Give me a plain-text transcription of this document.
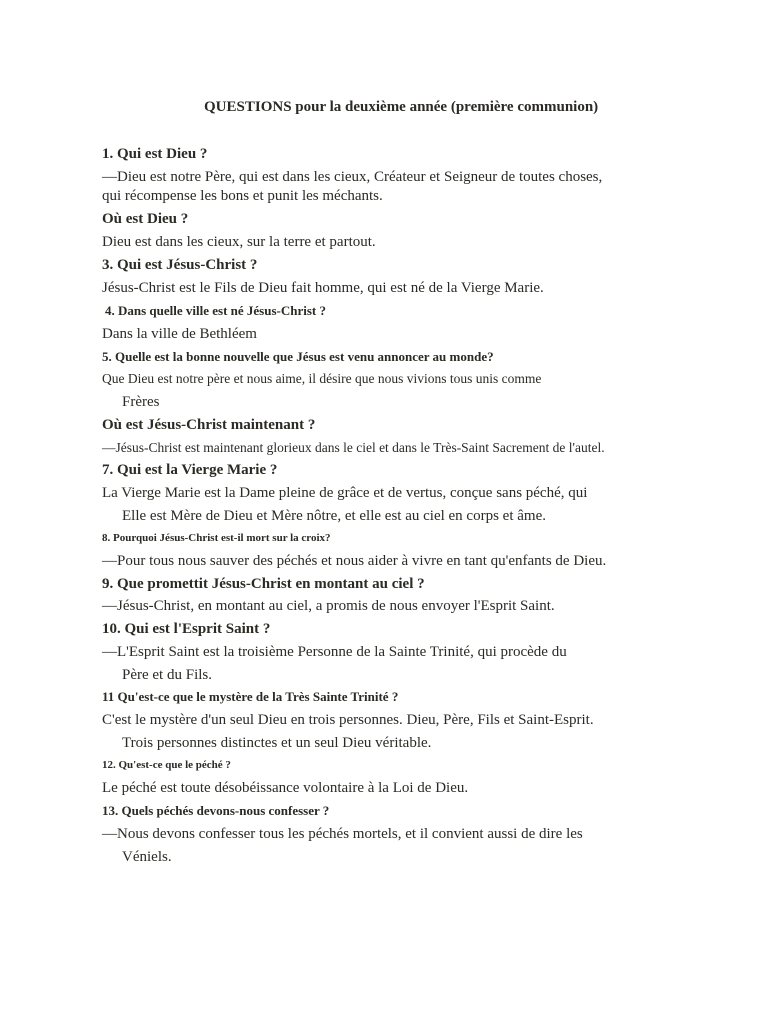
QUESTIONS pour la deuxième année (première communion)
1. Qui est Dieu ?
—Dieu est notre Père, qui est dans les cieux, Créateur et Seigneur de toutes choses,
qui récompense les bons et punit les méchants.
Où est Dieu ?
Dieu est dans les cieux, sur la terre et partout.
3. Qui est Jésus-Christ ?
Jésus-Christ est le Fils de Dieu fait homme, qui est né de la Vierge Marie.
4. Dans quelle ville est né Jésus-Christ ?
Dans la ville de Bethléem
5. Quelle est la bonne nouvelle que Jésus est venu annoncer au monde?
Que Dieu est notre père et nous aime, il désire que nous vivions tous unis comme
Frères
Où est Jésus-Christ maintenant ?
—Jésus-Christ est maintenant glorieux dans le ciel et dans le Très-Saint Sacrement de l'autel.
7. Qui est la Vierge Marie ?
La Vierge Marie est la Dame pleine de grâce et de vertus, conçue sans péché, qui
Elle est Mère de Dieu et Mère nôtre, et elle est au ciel en corps et âme.
8. Pourquoi Jésus-Christ est-il mort sur la croix?
—Pour tous nous sauver des péchés et nous aider à vivre en tant qu'enfants de Dieu.
9. Que promettit Jésus-Christ en montant au ciel ?
—Jésus-Christ, en montant au ciel, a promis de nous envoyer l'Esprit Saint.
10. Qui est l'Esprit Saint ?
—L'Esprit Saint est la troisième Personne de la Sainte Trinité, qui procède du
Père et du Fils.
11 Qu'est-ce que le mystère de la Très Sainte Trinité ?
C'est le mystère d'un seul Dieu en trois personnes. Dieu, Père, Fils et Saint-Esprit.
Trois personnes distinctes et un seul Dieu véritable.
12. Qu'est-ce que le péché ?
Le péché est toute désobéissance volontaire à la Loi de Dieu.
13. Quels péchés devons-nous confesser ?
—Nous devons confesser tous les péchés mortels, et il convient aussi de dire les
Véniels.
